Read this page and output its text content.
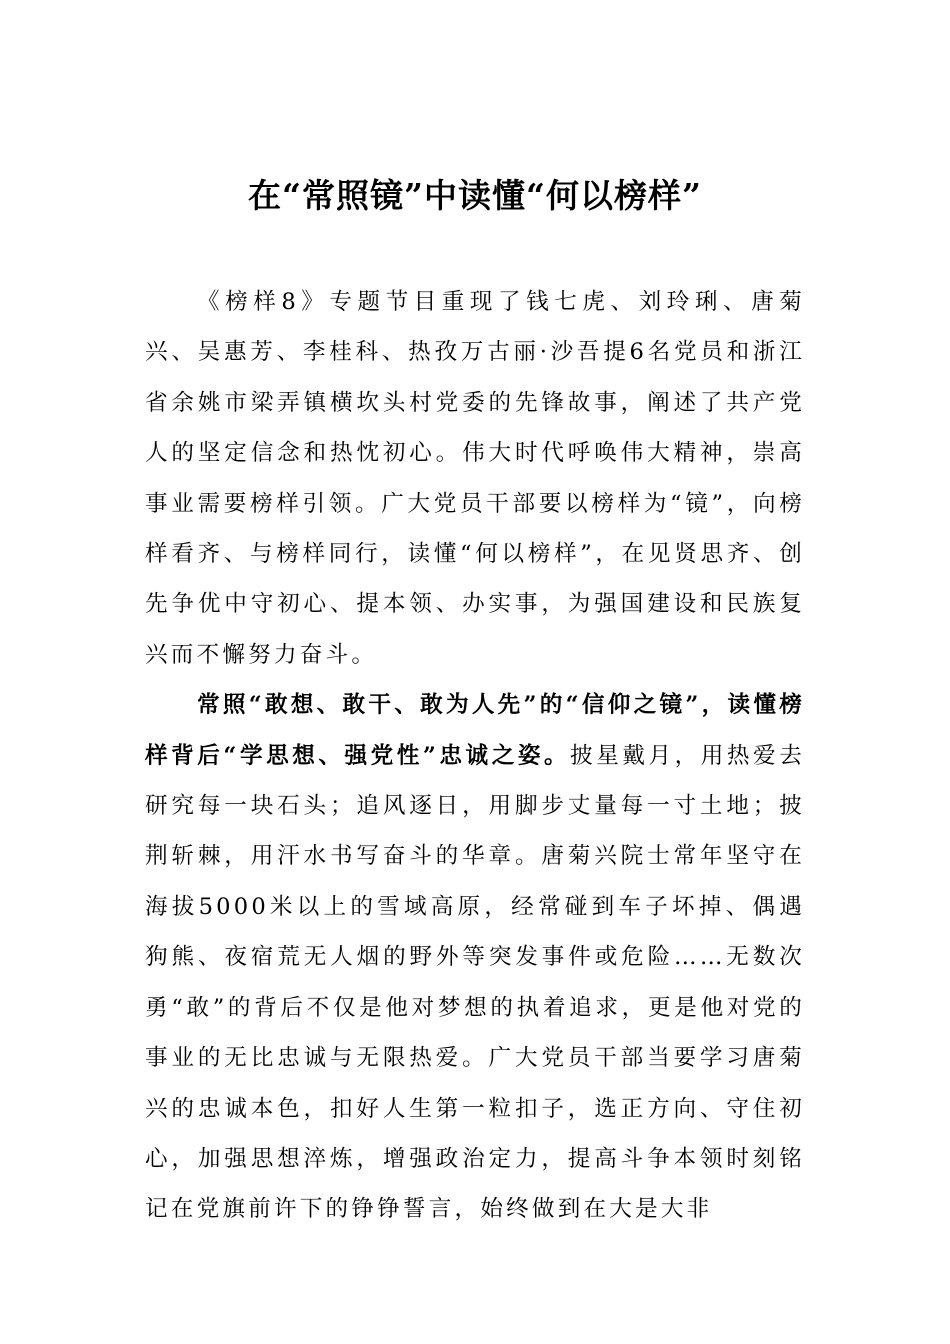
在“常照镜”中读懂“何以榜样”

《榜样8》专题节目重现了钱七虎、刘玲琍、唐菊兴、吴惠芳、李桂科、热孜万古丽·沙吾提6名党员和浙江省余姚市梁弄镇横坎头村党委的先锋故事，阐述了共产党人的坚定信念和热忱初心。伟大时代呼唤伟大精神，崇高事业需要榜样引领。广大党员干部要以榜样为“镜”，向榜样看齐、与榜样同行，读懂“何以榜样”，在见贤思齐、创先争优中守初心、提本领、办实事，为强国建设和民族复兴而不懈努力奋斗。

常照“敢想、敢干、敢为人先”的“信仰之镜”，读懂榜样背后“学思想、强党性”忠诚之姿。披星戴月，用热爱去研究每一块石头；追风逐日，用脚步丈量每一寸土地；披荆斩棘，用汗水书写奋斗的华章。唐菊兴院士常年坚守在海拔5000米以上的雪域高原，经常碰到车子坏掉、偶遇狗熊、夜宿荒无人烟的野外等突发事件或危险……无数次勇“敢”的背后不仅是他对梦想的执着追求，更是他对党的事业的无比忠诚与无限热爱。广大党员干部当要学习唐菊兴的忠诚本色，扣好人生第一粒扣子，选正方向、守住初心，加强思想淬炼，增强政治定力，提高斗争本领时刻铭记在党旗前许下的铮铮誓言，始终做到在大是大非
